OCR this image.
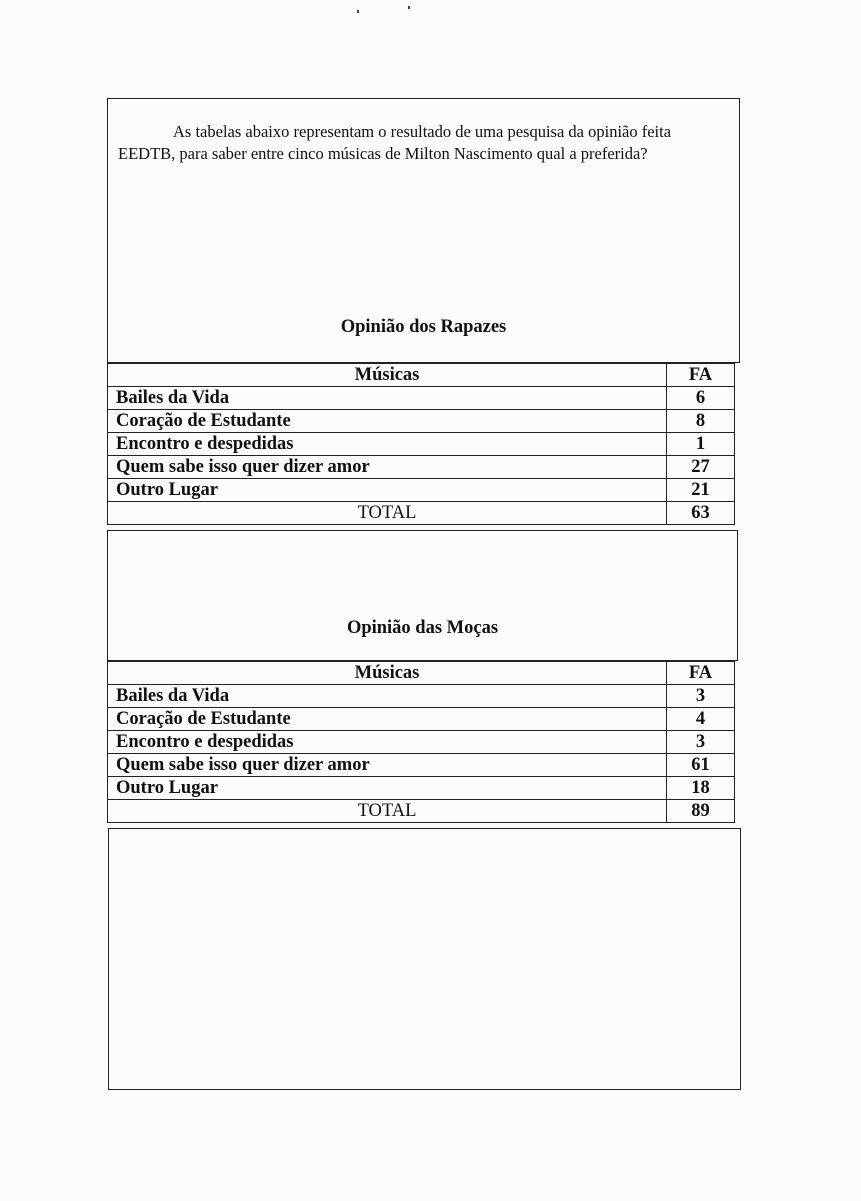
As tabelas abaixo representam o resultado de uma pesquisa da opinião feita EEDTB, para saber entre cinco músicas de Milton Nascimento qual a preferida?
Opinião dos Rapazes
Músicas	FA
Bailes da Vida	6
Coração de Estudante	8
Encontro e despedidas	1
Quem sabe isso quer dizer amor	27
Outro Lugar	21
TOTAL	63
Opinião das Moças
Músicas	FA
Bailes da Vida	3
Coração de Estudante	4
Encontro e despedidas	3
Quem sabe isso quer dizer amor	61
Outro Lugar	18
TOTAL	89
